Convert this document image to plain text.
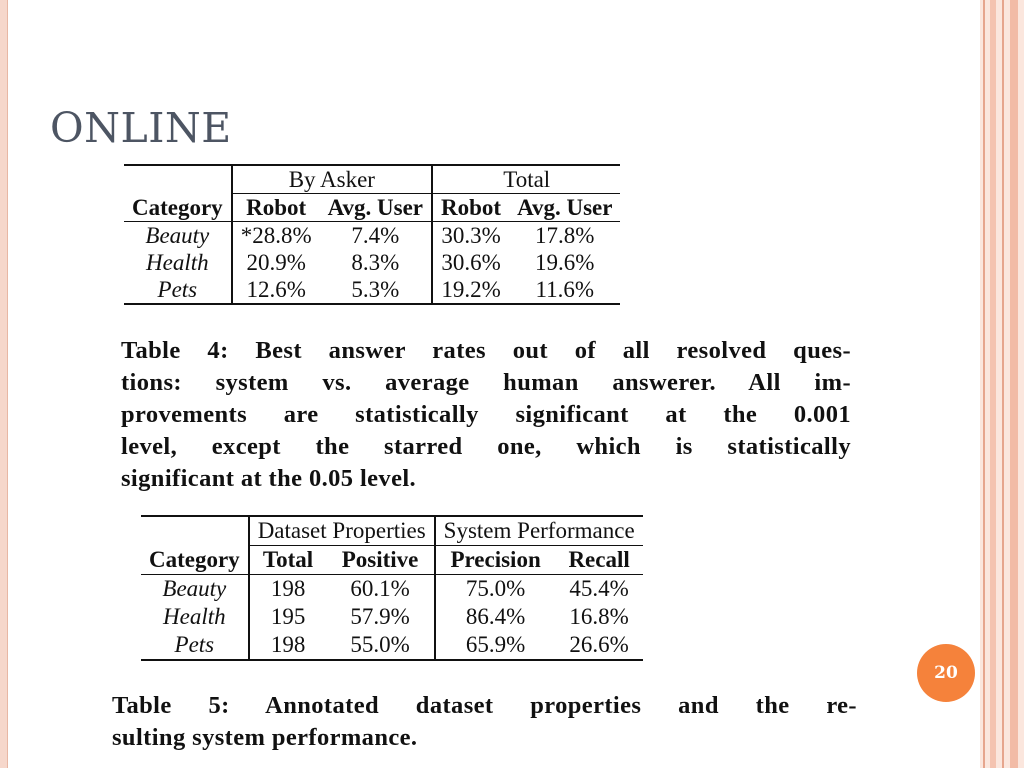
ONLINE
	By Asker		Total	
Category	Robot	Avg. User	Robot	Avg. User
Beauty	*28.8%	7.4%	30.3%	17.8%
Health	20.9%	8.3%	30.6%	19.6%
Pets	12.6%	5.3%	19.2%	11.6%
Table 4: Best answer rates out of all resolved ques-
tions: system vs. average human answerer. All im-
provements are statistically significant at the 0.001
level, except the starred one, which is statistically
significant at the 0.05 level.
	Dataset Properties		System Performance	
Category	Total	Positive	Precision	Recall
Beauty	198	60.1%	75.0%	45.4%
Health	195	57.9%	86.4%	16.8%
Pets	198	55.0%	65.9%	26.6%
Table 5: Annotated dataset properties and the re-
sulting system performance.
20
